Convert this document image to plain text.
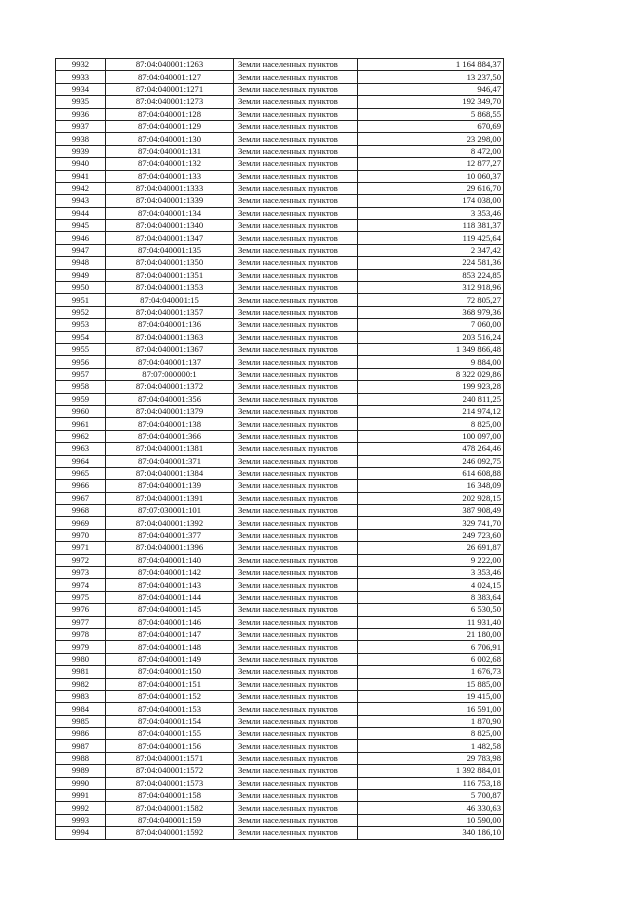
9932	87:04:040001:1263	Земли населенных пунктов	1 164 884,37
9933	87:04:040001:127	Земли населенных пунктов	13 237,50
9934	87:04:040001:1271	Земли населенных пунктов	946,47
9935	87:04:040001:1273	Земли населенных пунктов	192 349,70
9936	87:04:040001:128	Земли населенных пунктов	5 868,55
9937	87:04:040001:129	Земли населенных пунктов	670,69
9938	87:04:040001:130	Земли населенных пунктов	23 298,00
9939	87:04:040001:131	Земли населенных пунктов	8 472,00
9940	87:04:040001:132	Земли населенных пунктов	12 877,27
9941	87:04:040001:133	Земли населенных пунктов	10 060,37
9942	87:04:040001:1333	Земли населенных пунктов	29 616,70
9943	87:04:040001:1339	Земли населенных пунктов	174 038,00
9944	87:04:040001:134	Земли населенных пунктов	3 353,46
9945	87:04:040001:1340	Земли населенных пунктов	118 381,37
9946	87:04:040001:1347	Земли населенных пунктов	119 425,64
9947	87:04:040001:135	Земли населенных пунктов	2 347,42
9948	87:04:040001:1350	Земли населенных пунктов	224 581,36
9949	87:04:040001:1351	Земли населенных пунктов	853 224,85
9950	87:04:040001:1353	Земли населенных пунктов	312 918,96
9951	87:04:040001:15	Земли населенных пунктов	72 805,27
9952	87:04:040001:1357	Земли населенных пунктов	368 979,36
9953	87:04:040001:136	Земли населенных пунктов	7 060,00
9954	87:04:040001:1363	Земли населенных пунктов	203 516,24
9955	87:04:040001:1367	Земли населенных пунктов	1 349 866,48
9956	87:04:040001:137	Земли населенных пунктов	9 884,00
9957	87:07:000000:1	Земли населенных пунктов	8 322 029,86
9958	87:04:040001:1372	Земли населенных пунктов	199 923,28
9959	87:04:040001:356	Земли населенных пунктов	240 811,25
9960	87:04:040001:1379	Земли населенных пунктов	214 974,12
9961	87:04:040001:138	Земли населенных пунктов	8 825,00
9962	87:04:040001:366	Земли населенных пунктов	100 097,00
9963	87:04:040001:1381	Земли населенных пунктов	478 264,46
9964	87:04:040001:371	Земли населенных пунктов	246 092,75
9965	87:04:040001:1384	Земли населенных пунктов	614 608,88
9966	87:04:040001:139	Земли населенных пунктов	16 348,09
9967	87:04:040001:1391	Земли населенных пунктов	202 928,15
9968	87:07:030001:101	Земли населенных пунктов	387 908,49
9969	87:04:040001:1392	Земли населенных пунктов	329 741,70
9970	87:04:040001:377	Земли населенных пунктов	249 723,60
9971	87:04:040001:1396	Земли населенных пунктов	26 691,87
9972	87:04:040001:140	Земли населенных пунктов	9 222,00
9973	87:04:040001:142	Земли населенных пунктов	3 353,46
9974	87:04:040001:143	Земли населенных пунктов	4 024,15
9975	87:04:040001:144	Земли населенных пунктов	8 383,64
9976	87:04:040001:145	Земли населенных пунктов	6 530,50
9977	87:04:040001:146	Земли населенных пунктов	11 931,40
9978	87:04:040001:147	Земли населенных пунктов	21 180,00
9979	87:04:040001:148	Земли населенных пунктов	6 706,91
9980	87:04:040001:149	Земли населенных пунктов	6 002,68
9981	87:04:040001:150	Земли населенных пунктов	1 676,73
9982	87:04:040001:151	Земли населенных пунктов	15 885,00
9983	87:04:040001:152	Земли населенных пунктов	19 415,00
9984	87:04:040001:153	Земли населенных пунктов	16 591,00
9985	87:04:040001:154	Земли населенных пунктов	1 870,90
9986	87:04:040001:155	Земли населенных пунктов	8 825,00
9987	87:04:040001:156	Земли населенных пунктов	1 482,58
9988	87:04:040001:1571	Земли населенных пунктов	29 783,98
9989	87:04:040001:1572	Земли населенных пунктов	1 392 884,01
9990	87:04:040001:1573	Земли населенных пунктов	116 753,18
9991	87:04:040001:158	Земли населенных пунктов	5 700,87
9992	87:04:040001:1582	Земли населенных пунктов	46 330,63
9993	87:04:040001:159	Земли населенных пунктов	10 590,00
9994	87:04:040001:1592	Земли населенных пунктов	340 186,10
